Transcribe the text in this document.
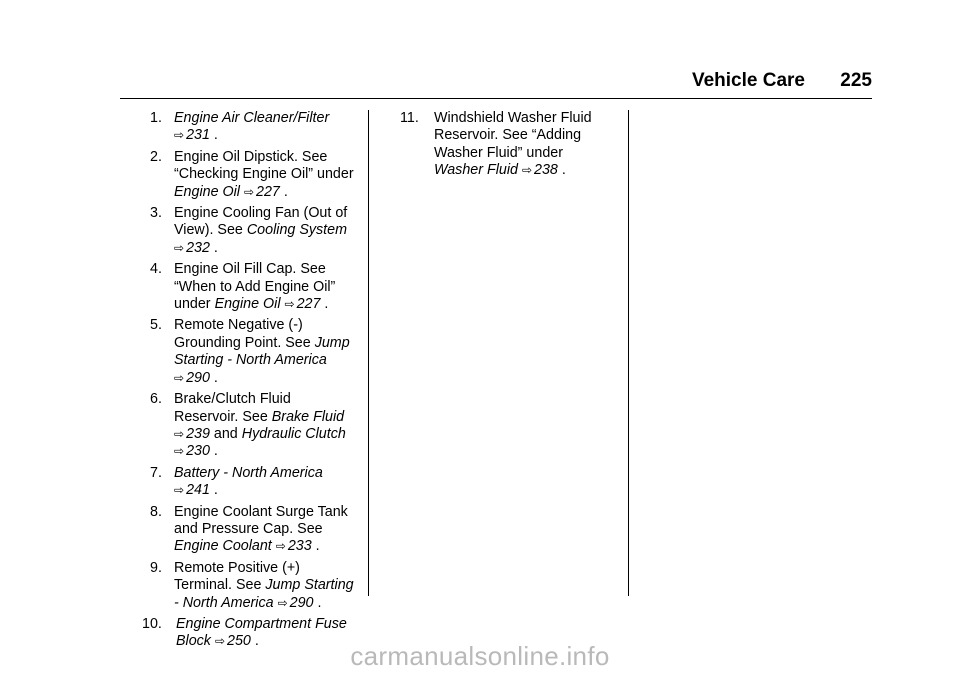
Vehicle Care 225
1. Engine Air Cleaner/Filter
⇨ 231 .
2. Engine Oil Dipstick. See “Checking Engine Oil” under Engine Oil ⇨ 227 .
3. Engine Cooling Fan (Out of View). See Cooling System
⇨ 232 .
4. Engine Oil Fill Cap. See “When to Add Engine Oil” under Engine Oil ⇨ 227 .
5. Remote Negative (-) Grounding Point. See Jump Starting - North America
⇨ 290 .
6. Brake/Clutch Fluid Reservoir. See Brake Fluid
⇨ 239 and Hydraulic Clutch
⇨ 230 .
7. Battery - North America
⇨ 241 .
8. Engine Coolant Surge Tank and Pressure Cap. See Engine Coolant ⇨ 233 .
9. Remote Positive (+) Terminal. See Jump Starting - North America ⇨ 290 .
10. Engine Compartment Fuse Block ⇨ 250 .
11. Windshield Washer Fluid Reservoir. See “Adding Washer Fluid” under Washer Fluid ⇨ 238 .
carmanualsonline.info
